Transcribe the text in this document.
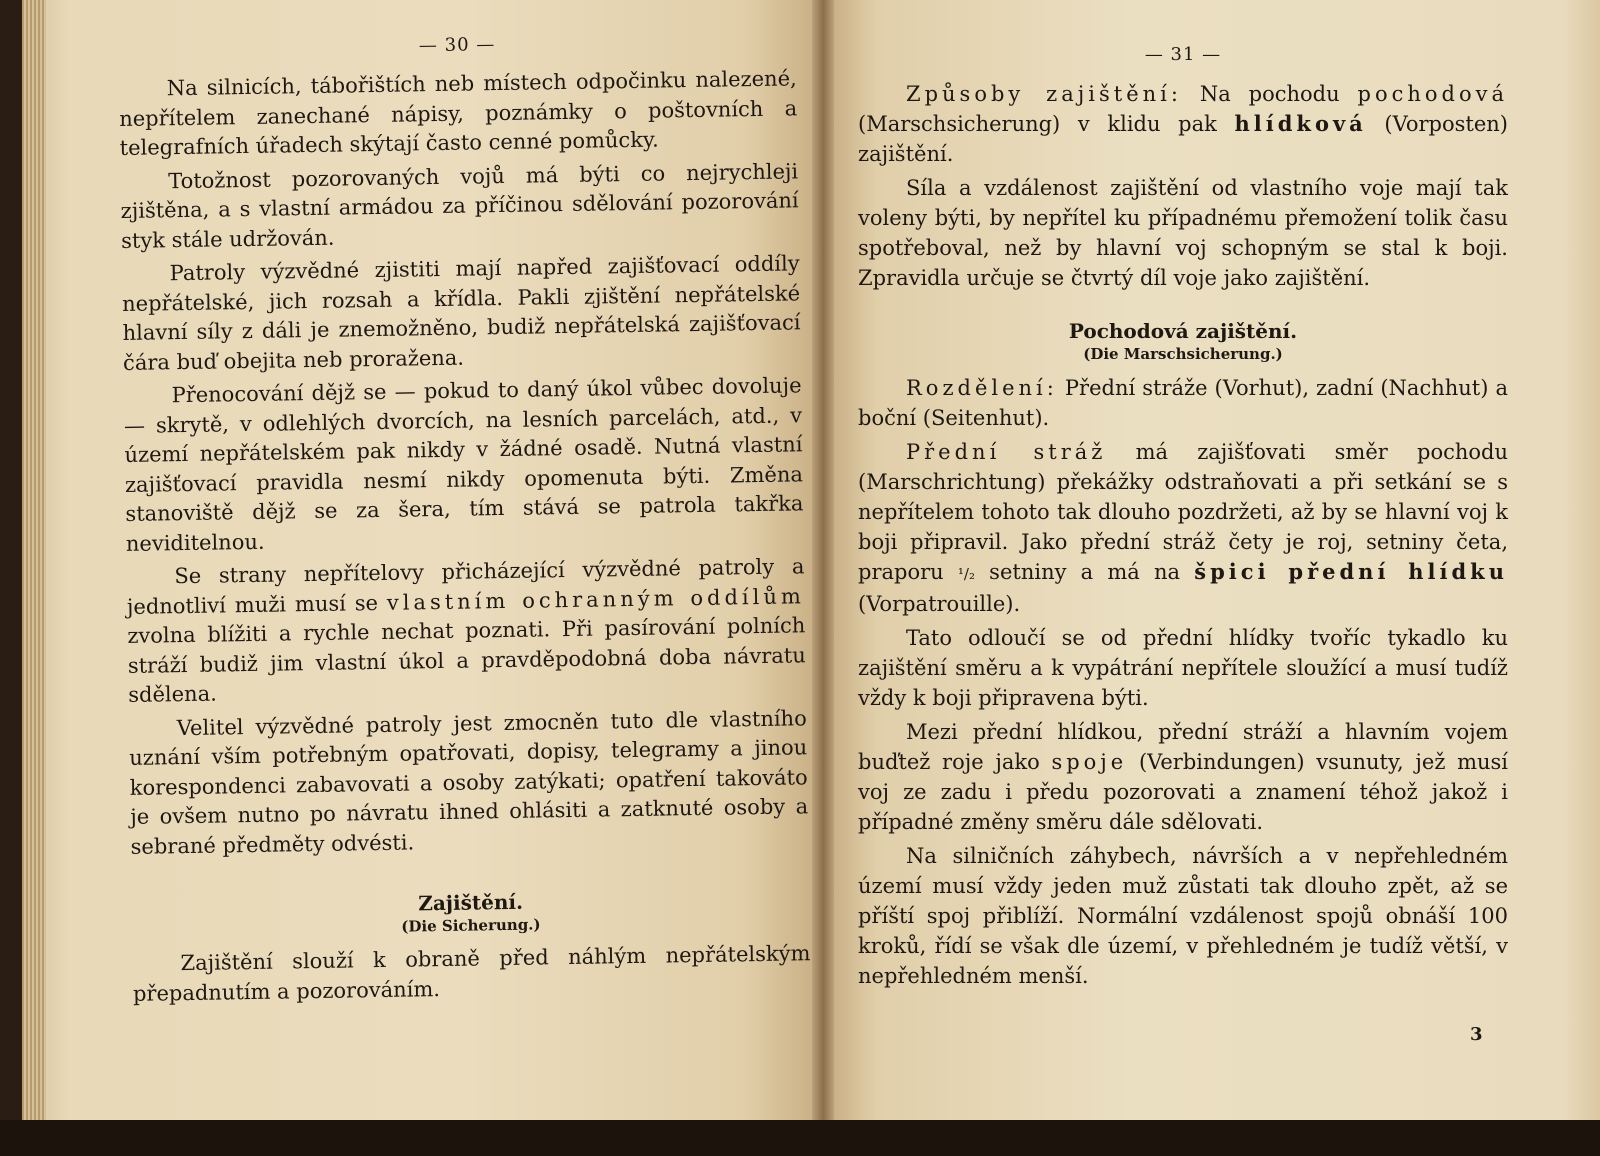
— 30 —

Na silnicích, tábořištích neb místech odpočinku nalezené, nepřítelem zanechané nápisy, poznámky o poštovních a telegrafních úřadech skýtají často cenné pomůcky.

Totožnost pozorovaných vojů má býti co nejrychleji zjištěna, a s vlastní armádou za příčinou sdělování pozorování styk stále udržován.

Patroly výzvědné zjistiti mají napřed zajišťovací oddíly nepřátelské, jich rozsah a křídla. Pakli zjištění nepřátelské hlavní síly z dáli je znemožněno, budiž nepřátelská zajišťovací čára buď obejita neb proražena.

Přenocování dějž se — pokud to daný úkol vůbec dovoluje — skrytě, v odlehlých dvorcích, na lesních parcelách, atd., v území nepřátelském pak nikdy v žádné osadě. Nutná vlastní zajišťovací pravidla nesmí nikdy opomenuta býti. Změna stanoviště dějž se za šera, tím stává se patrola takřka neviditelnou.

Se strany nepřítelovy přicházející výzvědné patroly a jednotliví muži musí se vlastním ochranným oddílům zvolna blížiti a rychle nechat poznati. Při pasírování polních stráží budiž jim vlastní úkol a pravděpodobná doba návratu sdělena.

Velitel výzvědné patroly jest zmocněn tuto dle vlastního uznání vším potřebným opatřovati, dopisy, telegramy a jinou korespondenci zabavovati a osoby zatýkati; opatření takováto je ovšem nutno po návratu ihned ohlásiti a zatknuté osoby a sebrané předměty odvésti.

Zajištění.
(Die Sicherung.)

Zajištění slouží k obraně před náhlým nepřátelským přepadnutím a pozorováním.

— 31 —

Způsoby zajištění: Na pochodu pochodová (Marschsicherung) v klidu pak hlídková (Vorposten) zajištění.

Síla a vzdálenost zajištění od vlastního voje mají tak voleny býti, by nepřítel ku případnému přemožení tolik času spotřeboval, než by hlavní voj schopným se stal k boji. Zpravidla určuje se čtvrtý díl voje jako zajištění.

Pochodová zajištění.
(Die Marschsicherung.)

Rozdělení: Přední stráže (Vorhut), zadní (Nachhut) a boční (Seitenhut).

Přední stráž má zajišťovati směr pochodu (Marschrichtung) překážky odstraňovati a při setkání se s nepřítelem tohoto tak dlouho pozdržeti, až by se hlavní voj k boji připravil. Jako přední stráž čety je roj, setniny četa, praporu ¹/₂ setniny a má na špici přední hlídku (Vorpatrouille).

Tato odloučí se od přední hlídky tvoříc tykadlo ku zajištění směru a k vypátrání nepřítele sloužící a musí tudíž vždy k boji připravena býti.

Mezi přední hlídkou, přední stráží a hlavním vojem buďtež roje jako spoje (Verbindungen) vsunuty, jež musí voj ze zadu i předu pozorovati a znamení téhož jakož i případné změny směru dále sdělovati.

Na silničních záhybech, návrších a v nepřehledném území musí vždy jeden muž zůstati tak dlouho zpět, až se příští spoj přiblíží. Normální vzdálenost spojů obnáší 100 kroků, řídí se však dle území, v přehledném je tudíž větší, v nepřehledném menší.

3
